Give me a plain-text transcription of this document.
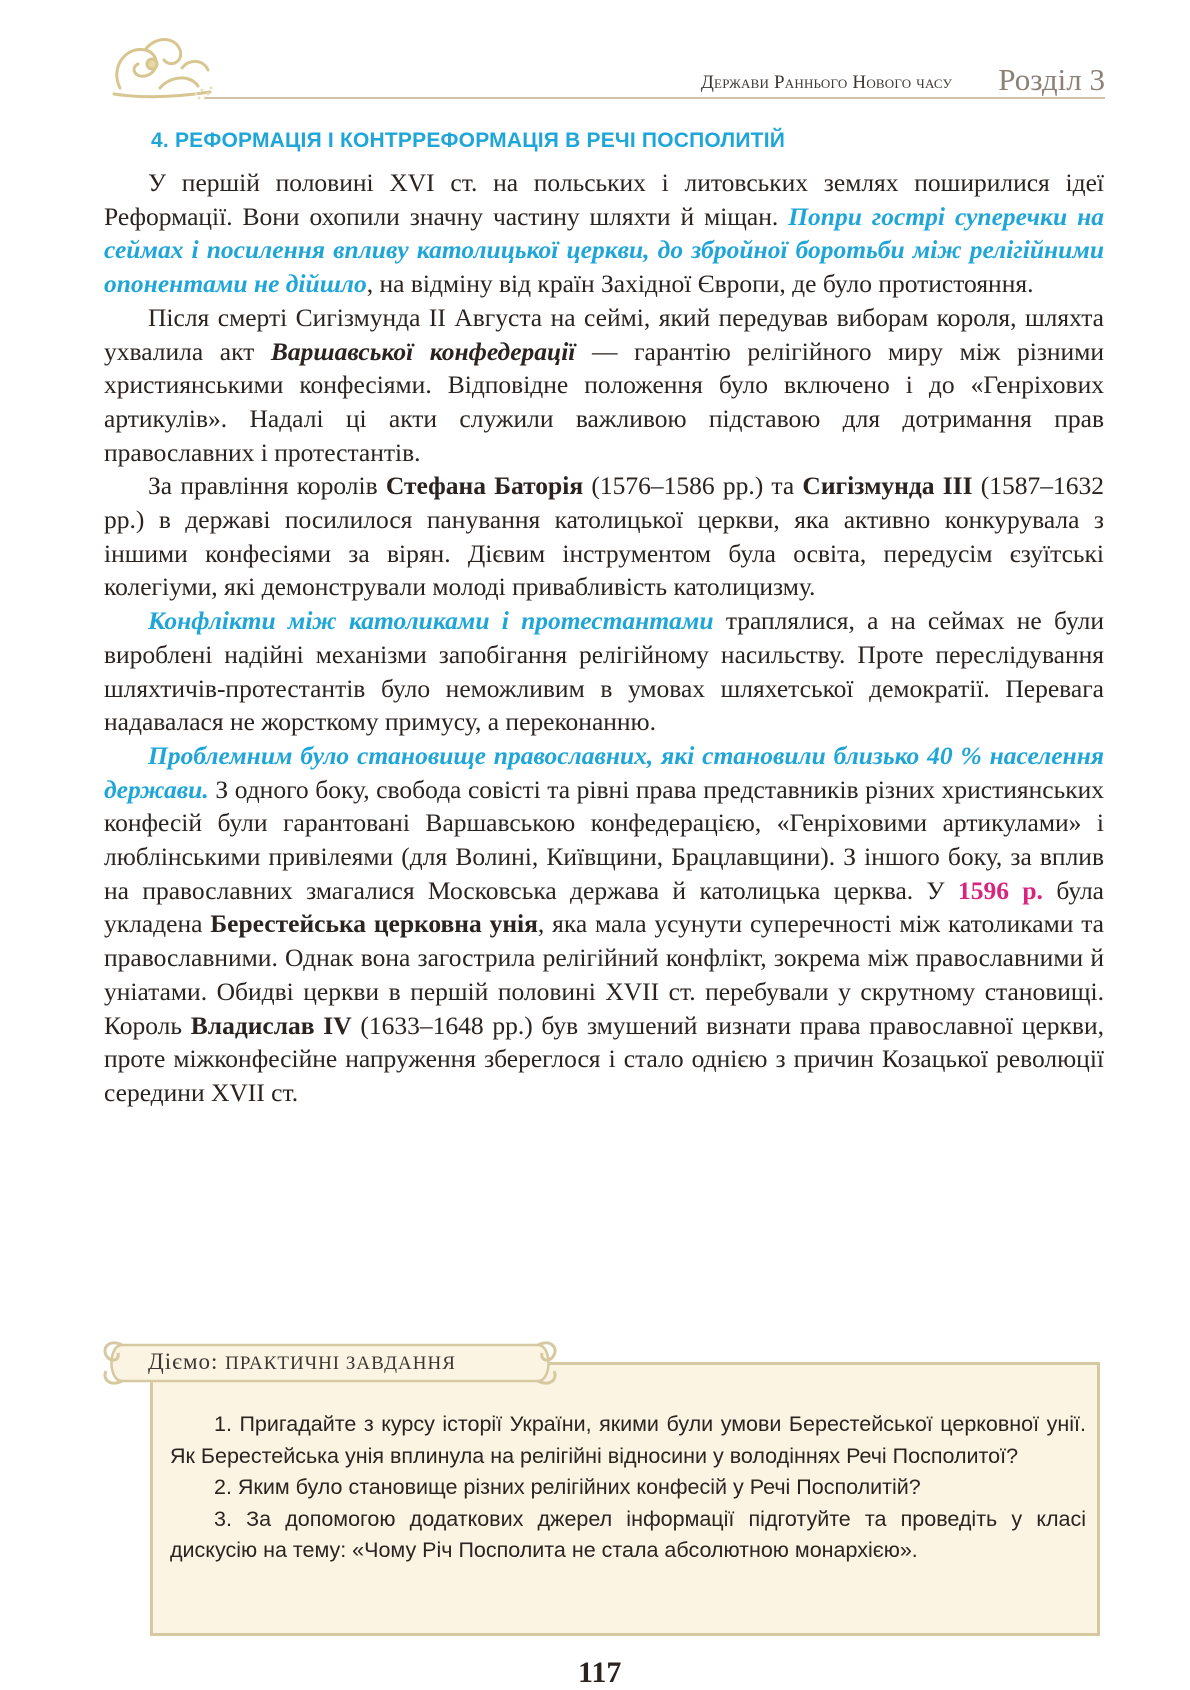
Держави Раннього Нового часу Розділ 3
4. РЕФОРМАЦІЯ І КОНТРРЕФОРМАЦІЯ В РЕЧІ ПОСПОЛИТІЙ

У першій половині XVI ст. на польських і литовських землях поширилися ідеї Реформації. Вони охопили значну частину шляхти й міщан. Попри гострі суперечки на сеймах і посилення впливу католицької церкви, до збройної боротьби між релігійними опонентами не дійшло, на відміну від країн Західної Європи, де було протистояння.

Після смерті Сигізмунда II Августа на сеймі, який передував виборам короля, шляхта ухвалила акт Варшавської конфедерації — гарантію релігійного миру між різними християнськими конфесіями. Відповідне положення було включено і до «Генріхових артикулів». Надалі ці акти служили важливою підставою для дотримання прав православних і протестантів.

За правління королів Стефана Баторія (1576–1586 рр.) та Сигізмунда III (1587–1632 рр.) в державі посилилося панування католицької церкви, яка активно конкурувала з іншими конфесіями за вірян. Дієвим інструментом була освіта, передусім єзуїтські колегіуми, які демонстрували молоді привабливість католицизму.

Конфлікти між католиками і протестантами траплялися, а на сеймах не були вироблені надійні механізми запобігання релігійному насильству. Проте переслідування шляхтичів-протестантів було неможливим в умовах шляхетської демократії. Перевага надавалася не жорсткому примусу, а переконанню.

Проблемним було становище православних, які становили близько 40 % населення держави. З одного боку, свобода совісті та рівні права представників різних християнських конфесій були гарантовані Варшавською конфедерацією, «Генріховими артикулами» і люблінськими привілеями (для Волині, Київщини, Брацлавщини). З іншого боку, за вплив на православних змагалися Московська держава й католицька церква. У 1596 р. була укладена Берестейська церковна унія, яка мала усунути суперечності між католиками та православними. Однак вона загострила релігійний конфлікт, зокрема між православними й уніатами. Обидві церкви в першій половині XVII ст. перебували у скрутному становищі. Король Владислав IV (1633–1648 рр.) був змушений визнати права православної церкви, проте міжконфесійне напруження збереглося і стало однією з причин Козацької революції середини XVII ст.

Діємо: ПРАКТИЧНІ ЗАВДАННЯ

1. Пригадайте з курсу історії України, якими були умови Берестейської церковної унії. Як Берестейська унія вплинула на релігійні відносини у володіннях Речі Посполитої?

2. Яким було становище різних релігійних конфесій у Речі Посполитій?

3. За допомогою додаткових джерел інформації підготуйте та проведіть у класі дискусію на тему: «Чому Річ Посполита не стала абсолютною монархією».

117
